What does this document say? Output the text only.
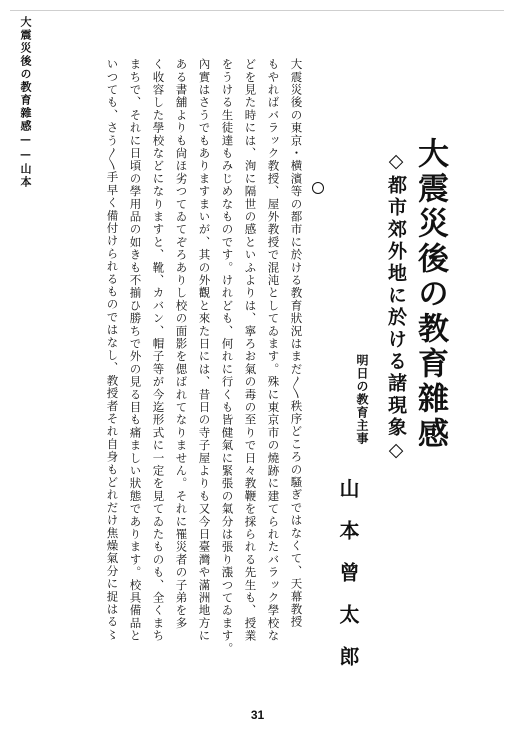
大震災後の教育雜感——山本
大震災後の教育雜感
◇都市郊外地に於ける諸現象◇
明日の教育主事
山本曾太郎
大震災後の東京・横濱等の都市に於ける教育狀況はまだ〳〵秩序どころの騷ぎではなくて、天幕教授
もやればバラック教授、屋外教授で混沌としてゐます。殊に東京市の燒跡に建てられたバラック學校な
どを見た時には、洵に隔世の感といふよりは、寧ろお氣の毒の至りで日々教鞭を採られる先生も、授業
をうける生徒達もみじめなものです。けれども、何れに行くも皆健氣に緊張の氣分は張り漲つてゐます。
內實はさうでもありますまいが、其の外觀と來た日には、昔日の寺子屋よりも又今日臺灣や滿洲地方に
ある書舖よりも尙ほ劣つてゐてぞろありし校の面影を偲ばれてなりません。それに罹災者の子弟を多
く收容した學校などになりますと、靴、カバン、帽子等が今迄形式に一定を見てゐたものも、全くまち
まちで、それに日頃の學用品の如きも不揃ひ勝ちで外の見る目も痛ましい狀態であります。校具備品と
いつても、さう〳〵手早く備付けられるものではなし、教授者それ自身もどれだけ焦燥氣分に捉はる〻
31
